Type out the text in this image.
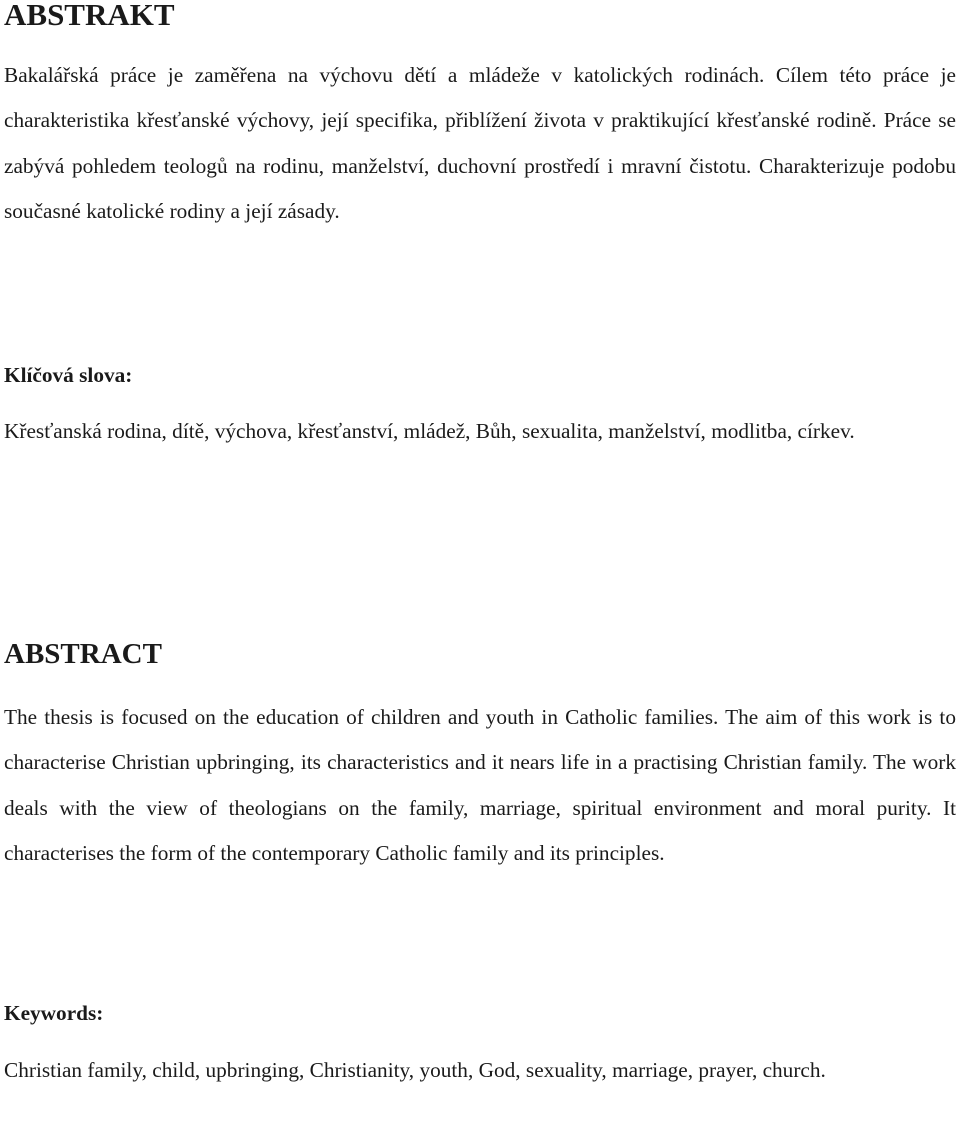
ABSTRAKT

Bakalářská práce je zaměřena na výchovu dětí a mládeže v katolických rodinách. Cílem této práce je charakteristika křesťanské výchovy, její specifika, přiblížení života v praktikující křesťanské rodině. Práce se zabývá pohledem teologů na rodinu, manželství, duchovní prostředí i mravní čistotu. Charakterizuje podobu současné katolické rodiny a její zásady.

Klíčová slova:

Křesťanská rodina, dítě, výchova, křesťanství, mládež, Bůh, sexualita, manželství, modlitba, církev.

ABSTRACT

The thesis is focused on the education of children and youth in Catholic families. The aim of this work is to characterise Christian upbringing, its characteristics and it nears life in a practising Christian family. The work deals with the view of theologians on the family, marriage, spiritual environment and moral purity. It characterises the form of the contemporary Catholic family and its principles.

Keywords:

Christian family, child, upbringing, Christianity, youth, God, sexuality, marriage, prayer, church.
